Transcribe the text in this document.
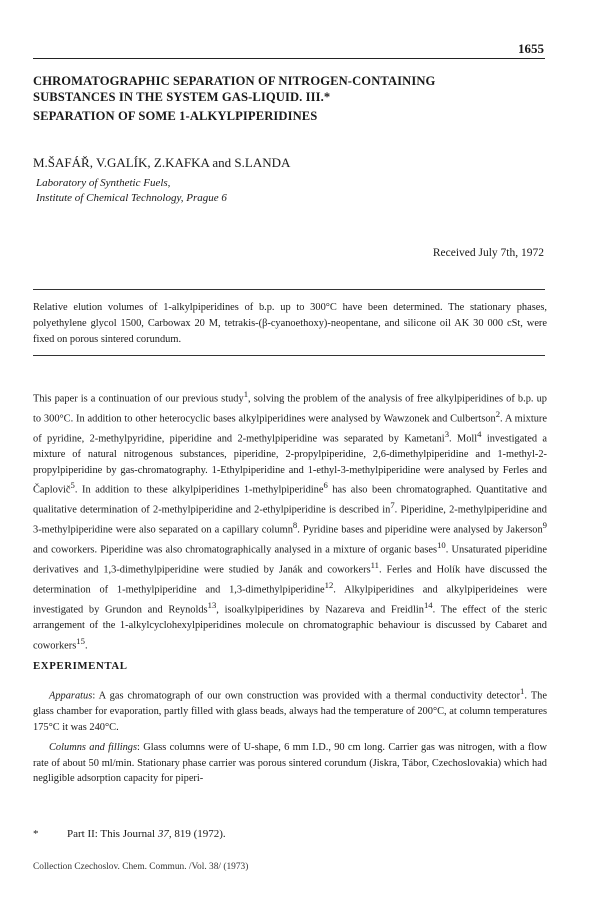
1655
CHROMATOGRAPHIC SEPARATION OF NITROGEN-CONTAINING
SUBSTANCES IN THE SYSTEM GAS-LIQUID. III.*
SEPARATION OF SOME 1-ALKYLPIPERIDINES
M.ŠAFÁŘ, V.GALÍK, Z.KAFKA and S.LANDA
Laboratory of Synthetic Fuels,
Institute of Chemical Technology, Prague 6
Received July 7th, 1972
Relative elution volumes of 1-alkylpiperidines of b.p. up to 300°C have been determined. The stationary phases, polyethylene glycol 1500, Carbowax 20 M, tetrakis-(β-cyanoethoxy)-neopentane, and silicone oil AK 30 000 cSt, were fixed on porous sintered corundum.
This paper is a continuation of our previous study$^1$, solving the problem of the analysis of free alkylpiperidines of b.p. up to 300°C. In addition to other heterocyclic bases alkylpiperidines were analysed by Wawzonek and Culbertson$^2$. A mixture of pyridine, 2-methylpyridine, piperidine and 2-methylpiperidine was separated by Kametani$^3$. Moll$^4$ investigated a mixture of natural nitrogenous substances, piperidine, 2-propylpiperidine, 2,6-dimethylpiperidine and 1-methyl-2-propylpiperidine by gas-chromatography. 1-Ethylpiperidine and 1-ethyl-3-methylpiperidine were analysed by Ferles and Čaplovič$^5$. In addition to these alkylpiperidines 1-methylpiperidine$^6$ has also been chromatographed. Quantitative and qualitative determination of 2-methylpiperidine and 2-ethylpiperidine is described $in^7$. Piperidine, 2-methylpiperidine and 3-methylpiperidine were also separated on a capillary column$^8$. Pyridine bases and piperidine were analysed by Jakerson$^9$ and coworkers. Piperidine was also chromatographically analysed in a mixture of organic bases$^{10}$. Unsaturated piperidine derivatives and 1,3-dimethylpiperidine were studied by Janák and coworkers$^{11}$. Ferles and Holík have discussed the determination of 1-methylpiperidine and 1,3-dimethylpiperidine$^{12}$. Alkylpiperidines and alkylpiperideines were investigated by Grundon and Reynolds$^{13}$, isoalkylpiperidines by Nazareva and Freidlin$^{14}$. The effect of the steric arrangement of the 1-alkylcyclohexylpiperidines molecule on chromatographic behaviour is discussed by Cabaret and coworkers$^{15}$.
EXPERIMENTAL
Apparatus: A gas chromatograph of our own construction was provided with a thermal conductivity detector$^1$. The glass chamber for evaporation, partly filled with glass beads, always had the temperature of 200°C, at column temperatures 175°C it was 240°C.
Columns and fillings: Glass columns were of U-shape, 6 mm I.D., 90 cm long. Carrier gas was nitrogen, with a flow rate of about 50 ml/min. Stationary phase carrier was porous sintered corundum (Jiskra, Tábor, Czechoslovakia) which had negligible adsorption capacity for piperi-
*	Part II: This Journal 37, 819 (1972).
Collection Czechoslov. Chem. Commun. /Vol. 38/ (1973)
